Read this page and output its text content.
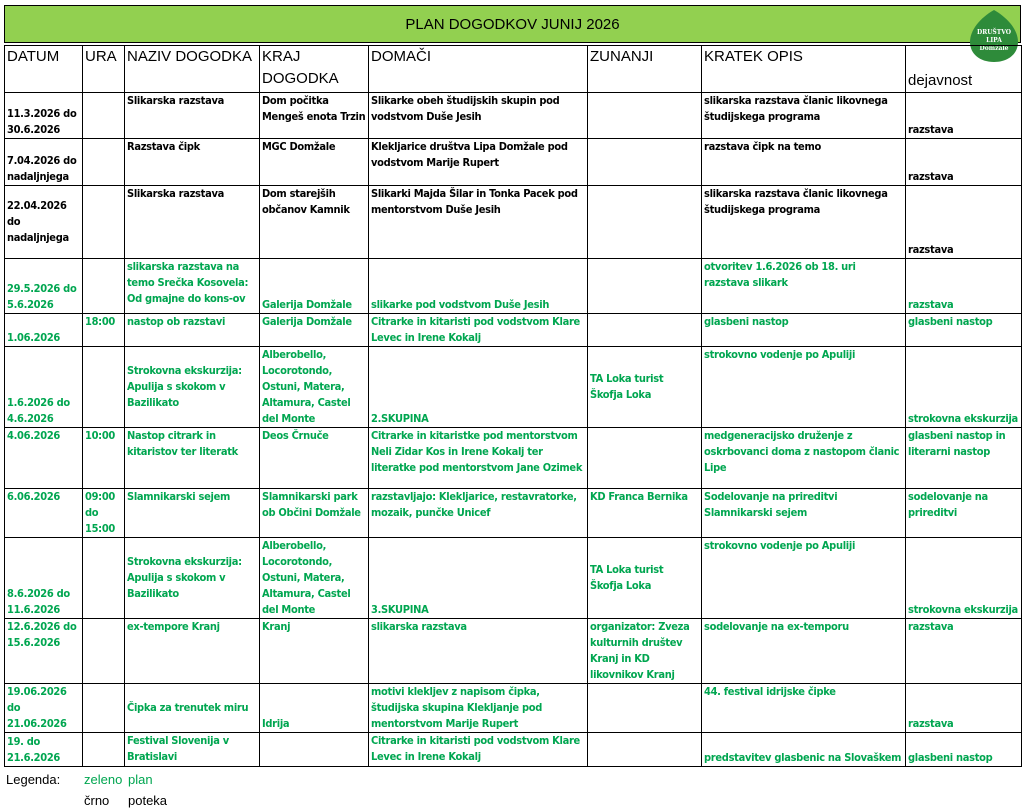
PLAN DOGODKOV JUNIJ 2026	DRUŠTVO
LIPA
Domžale
DATUM	URA	NAZIV DOGODKA	KRAJ DOGODKA	DOMAČI	ZUNANJI	KRATEK OPIS	dejavnost
11.3.2026 do 30.6.2026		Slikarska razstava	Dom počitka Mengeš enota Trzin	Slikarke obeh študijskih skupin pod vodstvom Duše Jesih		slikarska razstava članic likovnega študijskega programa	razstava
7.04.2026 do nadaljnjega		Razstava čipk	MGC Domžale	Klekljarice društva Lipa Domžale pod vodstvom Marije Rupert		razstava čipk na temo	razstava
22.04.2026 do nadaljnjega		Slikarska razstava	Dom starejših občanov Kamnik	Slikarki Majda Šilar in Tonka Pacek pod mentorstvom Duše Jesih		slikarska razstava članic likovnega študijskega programa	razstava
29.5.2026 do 5.6.2026		slikarska razstava na temo Srečka Kosovela: Od gmajne do kons-ov	Galerija Domžale	slikarke pod vodstvom Duše Jesih		otvoritev 1.6.2026 ob 18. uri razstava slikark	razstava
1.06.2026	18:00	nastop ob razstavi	Galerija Domžale	Citrarke in kitaristi pod vodstvom Klare Levec in Irene Kokalj		glasbeni nastop	glasbeni nastop
1.6.2026 do 4.6.2026		Strokovna ekskurzija: Apulija s skokom v Bazilikato	Alberobello, Locorotondo, Ostuni, Matera, Altamura, Castel del Monte	2.SKUPINA	TA Loka turist Škofja Loka	strokovno vodenje po Apuliji	strokovna ekskurzija
4.06.2026	10:00	Nastop citrark in kitaristov ter literatk	Deos Črnuče	Citrarke in kitaristke pod mentorstvom Neli Zidar Kos in Irene Kokalj ter literatke pod mentorstvom Jane Ozimek		medgeneracijsko druženje z oskrbovanci doma z nastopom članic Lipe	glasbeni nastop in literarni nastop
6.06.2026	09:00 do 15:00	Slamnikarski sejem	Slamnikarski park ob Občini Domžale	razstavljajo: Klekljarice, restavratorke, mozaik, punčke Unicef	KD Franca Bernika	Sodelovanje na prireditvi Slamnikarski sejem	sodelovanje na prireditvi
8.6.2026 do 11.6.2026		Strokovna ekskurzija: Apulija s skokom v Bazilikato	Alberobello, Locorotondo, Ostuni, Matera, Altamura, Castel del Monte	3.SKUPINA	TA Loka turist Škofja Loka	strokovno vodenje po Apuliji	strokovna ekskurzija
12.6.2026 do 15.6.2026		ex-tempore Kranj	Kranj	slikarska razstava	organizator: Zveza kulturnih društev Kranj in KD likovnikov Kranj	sodelovanje na ex-temporu	razstava
19.06.2026 do 21.06.2026		Čipka za trenutek miru	Idrija	motivi klekljev z napisom čipka, študijska skupina Klekljanje pod mentorstvom Marije Rupert		44. festival idrijske čipke	razstava
19. do 21.6.2026		Festival Slovenija v Bratislavi		Citrarke in kitaristi pod vodstvom Klare Levec in Irene Kokalj		predstavitev glasbenic na Slovaškem	glasbeni nastop
Legenda: zeleno plan
črno poteka
